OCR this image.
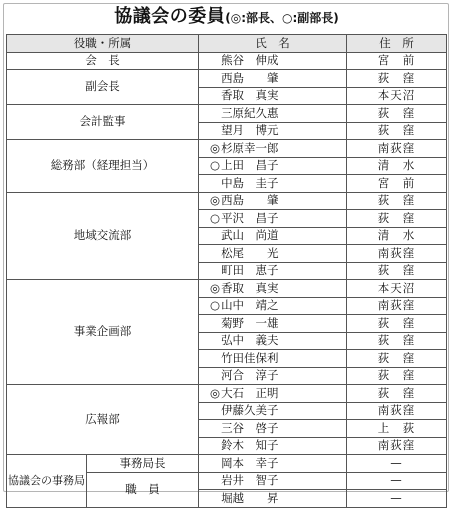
協議会の委員(◎:部長、○:副部長)
役職・所属		氏　名	住　所
会　長		熊谷　伸成	宮　前
副会長		西島　　肇	荻　窪
		香取　真実	本天沼
会計監事		三原紀久惠	荻　窪
		望月　博元	荻　窪
総務部（経理担当）		◎杉原幸一郎	南荻窪
		○上田　昌子	清　水
		中島　圭子	宮　前
地域交流部		◎西島　　肇	荻　窪
		○平沢　昌子	荻　窪
		武山　尚道	清　水
		松尾　　光	南荻窪
		町田　恵子	荻　窪
事業企画部		◎香取　真実	本天沼
		○山中　靖之	南荻窪
		菊野　一雄	荻　窪
		弘中　義夫	荻　窪
		竹田佳保利	荻　窪
		河合　淳子	荻　窪
広報部		◎大石　正明	荻　窪
		伊藤久美子	南荻窪
		三谷　啓子	上　荻
		鈴木　知子	南荻窪
協議会の事務局	事務局長	岡本　幸子	—
	職　員	岩井　智子	—
		堀越　　昇	—
